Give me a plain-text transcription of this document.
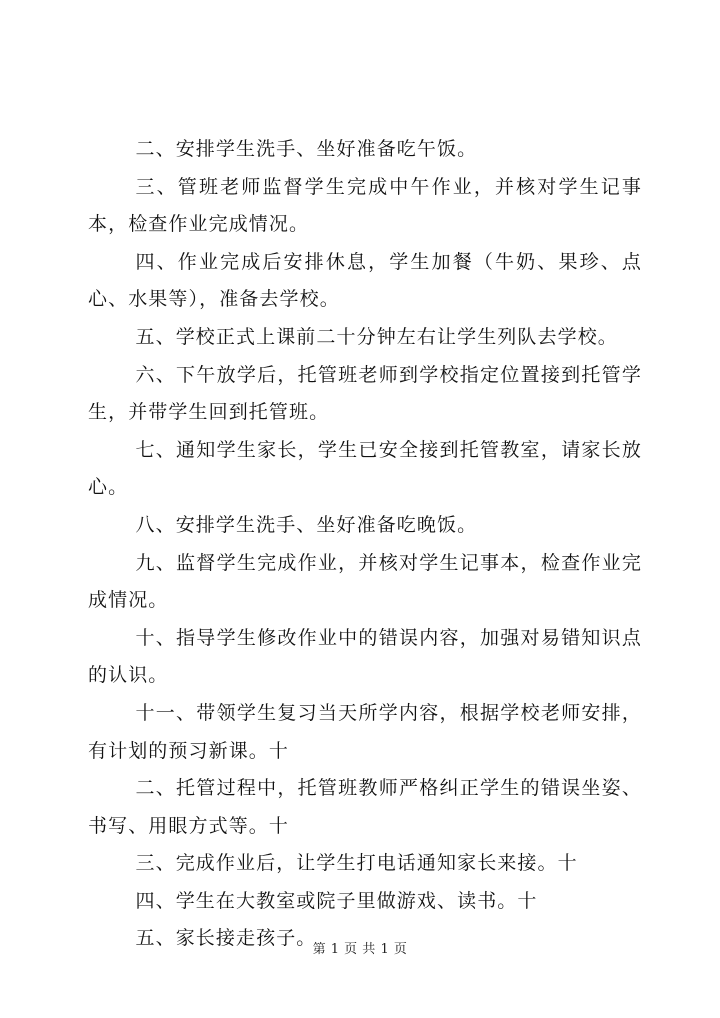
二、安排学生洗手、坐好准备吃午饭。

三、管班老师监督学生完成中午作业，并核对学生记事本，检查作业完成情况。

四、作业完成后安排休息，学生加餐（牛奶、果珍、点心、水果等），准备去学校。

五、学校正式上课前二十分钟左右让学生列队去学校。

六、下午放学后，托管班老师到学校指定位置接到托管学生，并带学生回到托管班。

七、通知学生家长，学生已安全接到托管教室，请家长放心。

八、安排学生洗手、坐好准备吃晚饭。

九、监督学生完成作业，并核对学生记事本，检查作业完成情况。

十、指导学生修改作业中的错误内容，加强对易错知识点的认识。

十一、带领学生复习当天所学内容，根据学校老师安排，有计划的预习新课。十

二、托管过程中，托管班教师严格纠正学生的错误坐姿、书写、用眼方式等。十

三、完成作业后，让学生打电话通知家长来接。十

四、学生在大教室或院子里做游戏、读书。十

五、家长接走孩子。

第 1 页 共 1 页
